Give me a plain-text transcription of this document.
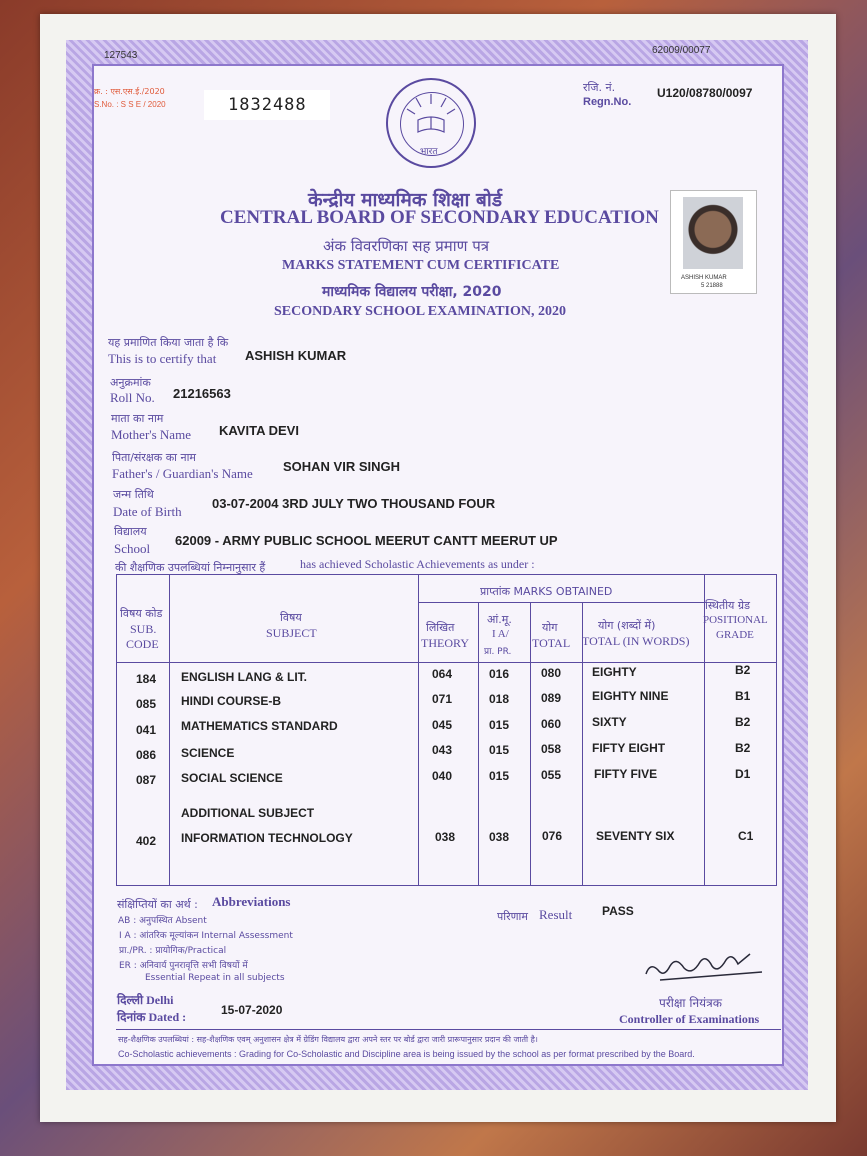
127543	62009/00077
क्र. : एस.एस.ई./2020
S.No. : S S E / 2020	1832488
रजि. नं.
Regn.No.
U120/08780/0097
भारत
केन्द्रीय माध्यमिक शिक्षा बोर्ड
CENTRAL BOARD OF SECONDARY EDUCATION
अंक विवरणिका सह प्रमाण पत्र
MARKS STATEMENT CUM CERTIFICATE
माध्यमिक विद्यालय परीक्षा, 2020
SECONDARY SCHOOL EXAMINATION, 2020
ASHISH KUMAR
5 21888
यह प्रमाणित किया जाता है कि
This is to certify that ASHISH KUMAR
अनुक्रमांक
Roll No. 21216563
माता का नाम
Mother's Name KAVITA DEVI
पिता/संरक्षक का नाम
Father's / Guardian's Name SOHAN VIR SINGH
जन्म तिथि
Date of Birth
03-07-2004 3RD JULY TWO THOUSAND FOUR
विद्यालय
School
62009 - ARMY PUBLIC SCHOOL MEERUT CANTT MEERUT UP
की शैक्षणिक उपलब्धियां निम्नानुसार हैं	has achieved Scholastic Achievements as under :

विषय कोड
SUB.
CODE
विषय
SUBJECT
प्राप्तांक MARKS OBTAINED
लिखित
THEORY
आं.मू.
I A/
प्रा. PR.
योग
TOTAL
योग (शब्दों में)
TOTAL (IN WORDS)
स्थितीय ग्रेड
POSITIONAL
GRADE
184 ENGLISH LANG & LIT.	064	016	080	EIGHTY	B2
085 HINDI COURSE-B	071	018	089	EIGHTY NINE	B1
041 MATHEMATICS STANDARD	045	015	060	SIXTY	B2
086 SCIENCE	043	015	058	FIFTY EIGHT	B2
087 SOCIAL SCIENCE	040	015	055	FIFTY FIVE	D1
ADDITIONAL SUBJECT
402 INFORMATION TECHNOLOGY	038	038	076	SEVENTY SIX	C1
संक्षिप्तियों का अर्थ : Abbreviations
AB : अनुपस्थित Absent
I A : आंतरिक मूल्यांकन Internal Assessment
प्रा./PR. : प्रायोगिक/Practical
ER : अनिवार्य पुनरावृत्ति सभी विषयों में
Essential Repeat in all subjects
परिणाम Result PASS
दिल्ली Delhi
दिनांक Dated :	15-07-2020	परीक्षा नियंत्रक
Controller of Examinations
सह-शैक्षणिक उपलब्धियां : सह-शैक्षणिक एवम् अनुशासन क्षेत्र में ग्रेडिंग विद्यालय द्वारा अपने स्तर पर बोर्ड द्वारा जारी प्रारूपानुसार प्रदान की जाती है।
Co-Scholastic achievements : Grading for Co-Scholastic and Discipline area is being issued by the school as per format prescribed by the Board.
